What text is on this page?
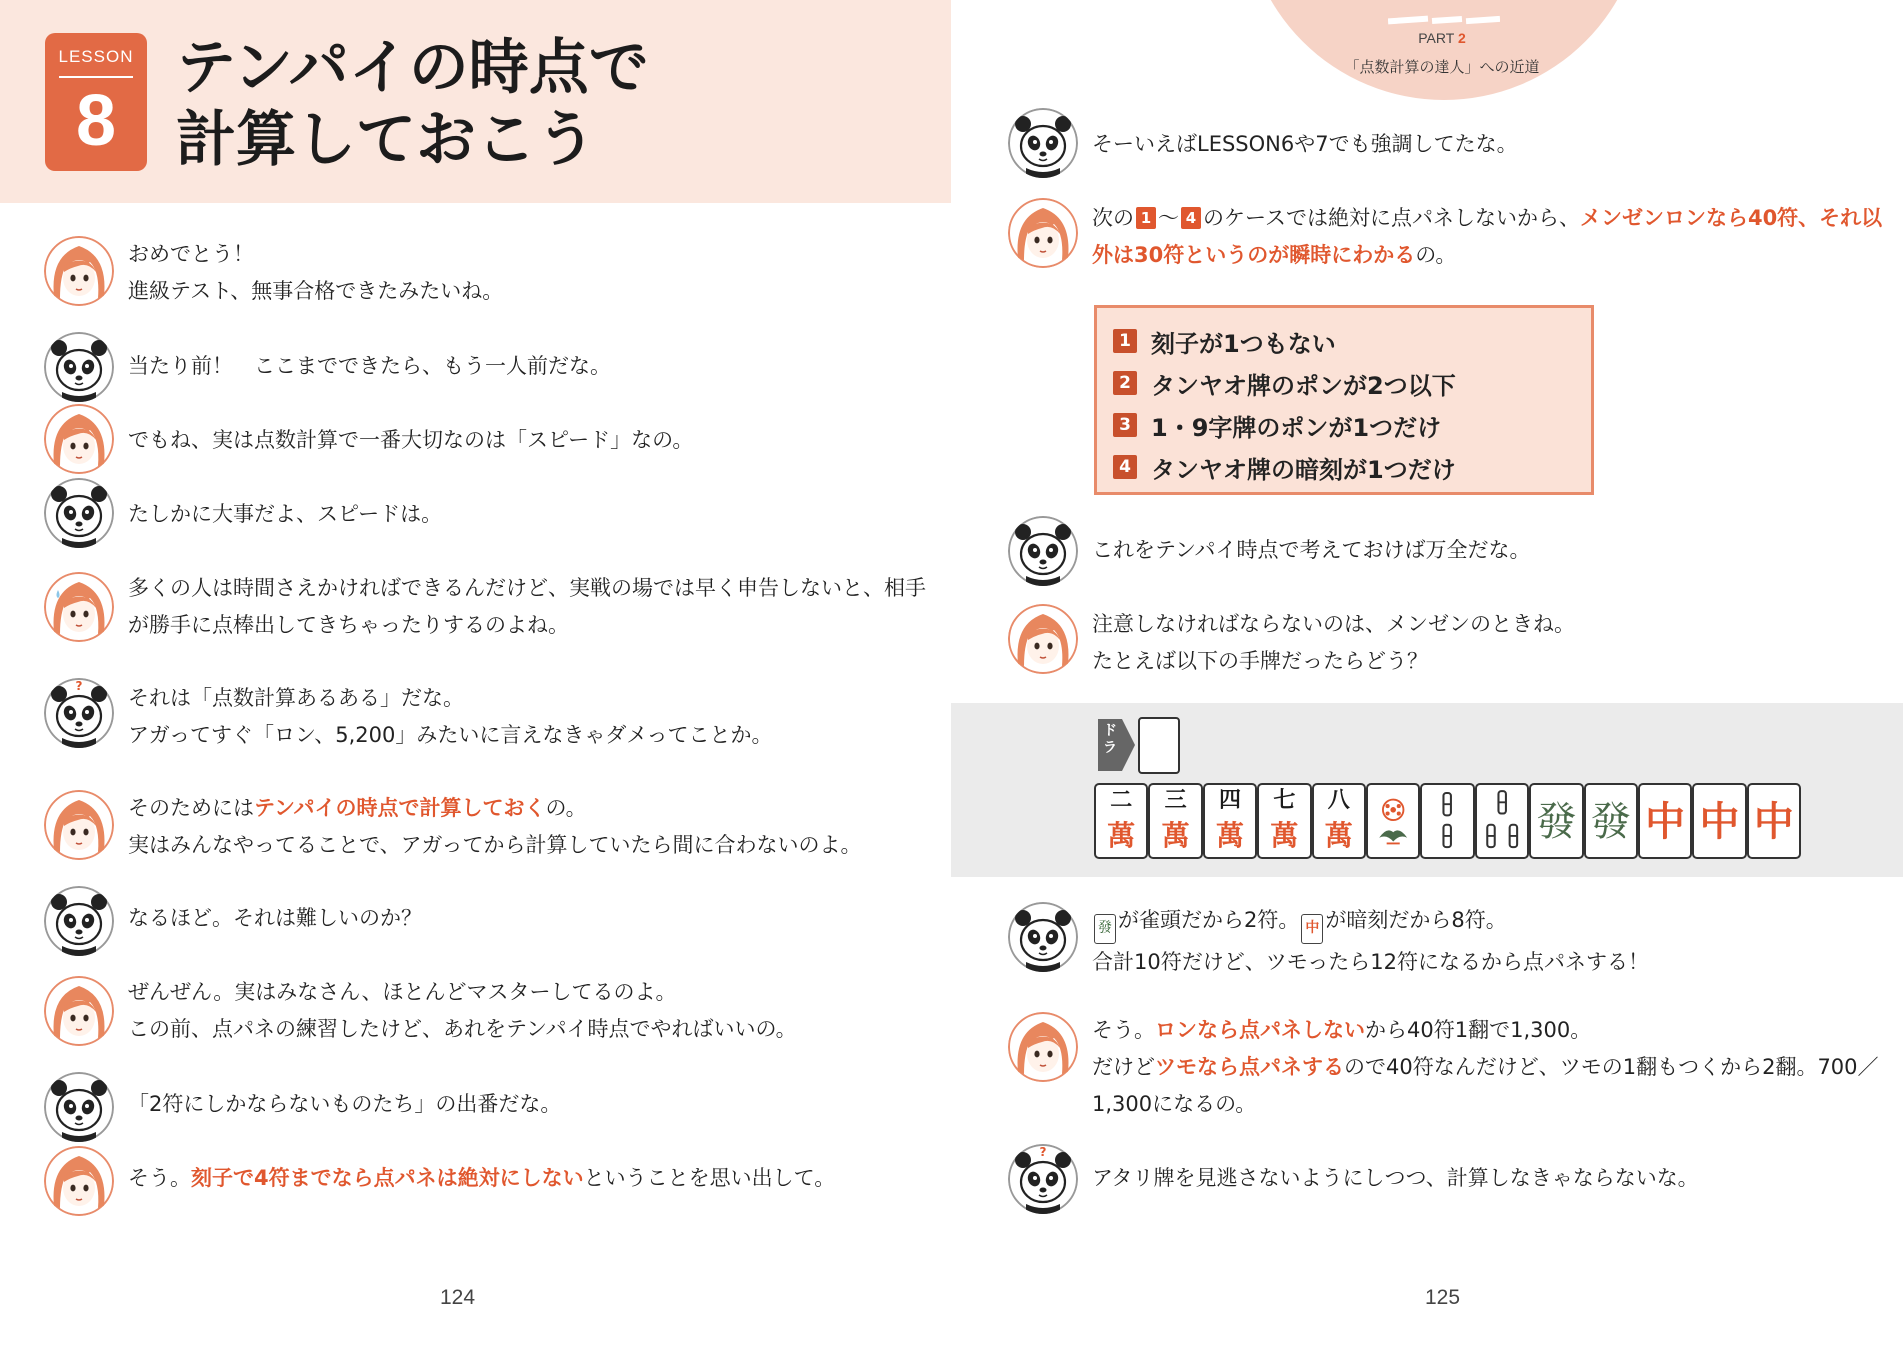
LESSON
8
テンパイの時点で
計算しておこう
おめでとう！
進級テスト、無事合格できたみたいね。
当たり前！　ここまでできたら、もう一人前だな。
でもね、実は点数計算で一番大切なのは「スピード」なの。
たしかに大事だよ、スピードは。
多くの人は時間さえかければできるんだけど、実戦の場では早く申告しないと、相手
が勝手に点棒出してきちゃったりするのよね。
? それは「点数計算あるある」だな。
アガってすぐ「ロン、5,200」みたいに言えなきゃダメってことか。
そのためにはテンパイの時点で計算しておくの。
実はみんなやってることで、アガってから計算していたら間に合わないのよ。
なるほど。それは難しいのか？
ぜんぜん。実はみなさん、ほとんどマスターしてるのよ。
この前、点パネの練習したけど、あれをテンパイ時点でやればいいの。
「2符にしかならないものたち」の出番だな。
そう。刻子で4符までなら点パネは絶対にしないということを思い出して。
124
PART 2
「点数計算の達人」への近道
そーいえばLESSON6や7でも強調してたな。
次の 1 ～ 4 のケースでは絶対に点パネしないから、メンゼンロンなら40符、それ以
外は30符というのが瞬時にわかるの。
1 刻子が1つもない
2 タンヤオ牌のポンが2つ以下
3 1・9字牌のポンが1つだけ
4 タンヤオ牌の暗刻が1つだけ
これをテンパイ時点で考えておけば万全だな。
注意しなければならないのは、メンゼンのときね。
たとえば以下の手牌だったらどう？
ドラ
二
萬
三
萬
四
萬
七
萬
八
萬	發 發 中 中 中
發 が雀頭だから2符。 中 が暗刻だから8符。
合計10符だけど、ツモったら12符になるから点パネする！
そう。ロンなら点パネしないから40符1翻で1,300。
だけどツモなら点パネするので40符なんだけど、ツモの1翻もつくから2翻。700／
1,300になるの。
?
アタリ牌を見逃さないようにしつつ、計算しなきゃならないな。
125
